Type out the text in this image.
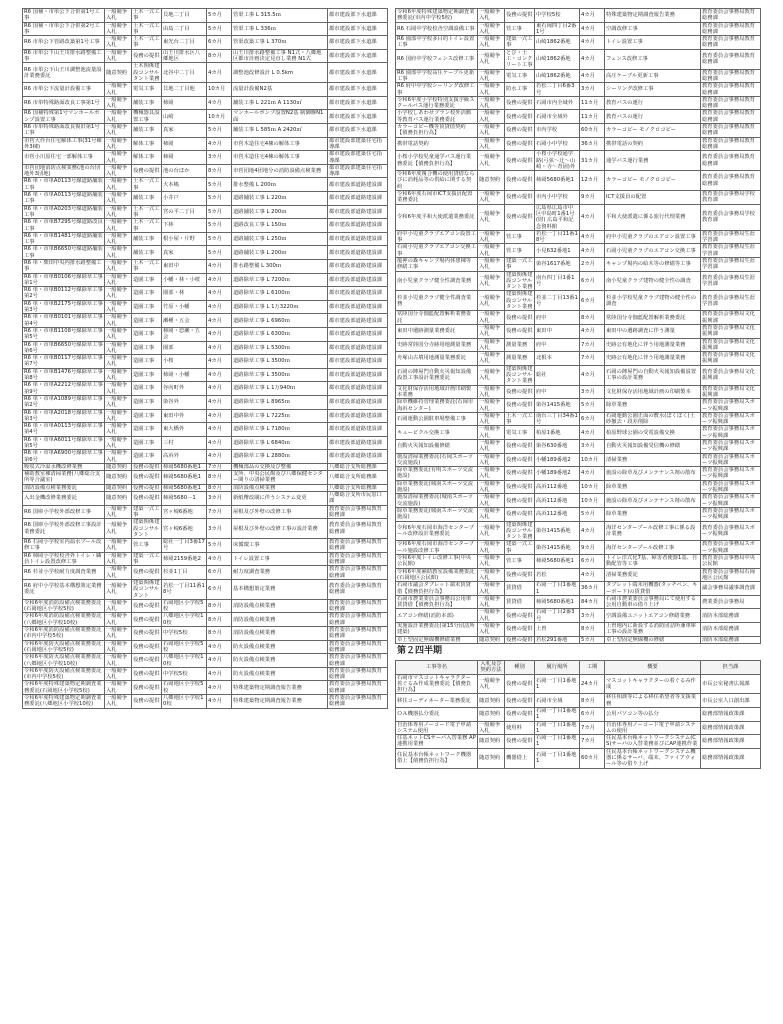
R6 国補・市単公下合併第1号工事	一般競争入札	土木一式工事	貝地二丁目	5カ月	管渠工事 L 315.5ｍ	都市建設部下水道課
R6 国補・市単公下合併第2号工事	一般競争入札	土木一式工事	由島二丁目	5カ月	管渠工事 L 336ｍ	都市建設部下水道課
R6 市単公下管路改築第1号工事	一般競争入札	土木一式工事	東光台二丁目	6カ月	管渠改築工事 L 370ｍ	都市建設部下水道課
R6 市単公下山王川排水路整備工事	一般競争入札	役務の提供	山王川排水区八郷地区	8カ月	山王川排水路整備工事 N1式・八郷地区都市計画決定見直し業務 N1式	都市建設部下水道課
R6 市単公下山王川調整池流量設計業務委託	随意契約	土木関係建設コンサルタント業務	北谷中二丁目	4カ月	調整池改修設計 L 0.5km	都市建設部下水道課
R6 市単公下流量計設備工事	一般競争入札	電気工事	貝地二丁目他	10カ月	流量計設備N2基	都市建設部下水道課
R6 市単特殊路面改良工事第1号	一般競争入札	舗装工事	柿岡	4カ月	舗装工事 L 221ｍ A 1130㎡	都市建設部下水道課
R6 国補特殊第1号マンホールポンプ設置工事	一般競争入札	機械器具設置工事	山崎	10カ月	マンホールポンプ設置N2基 制御盤N1面	都市建設部下水道課
R6 市単特殊路面改良復旧第1号工事	一般競争入札	舗装工事	真家	5カ月	舗装工事 L 585ｍ A 2420㎡	都市建設部下水道課
市営大作台住宅解体工事(31号棟外3棟)	一般競争入札	解体工事	柿岡	4カ月	市営木造住宅4棟の解体工事	都市建設部建築住宅指導課
市営小川原住宅一部解体工事	一般競争入札	解体工事	柿岡	3カ月	市営木造住宅4棟の解体工事	都市建設部建築住宅指導課
市営団地消防点検業務(池の台団地外3団地)	一般競争入札	役務の提供	池の台ほか	8カ月	市営団地4団地分の消防設備点検業務	都市建設部建築住宅指導課
R6 単・市単A0113号線道路舗装工事	一般競争入札	土木一式工事	大本嶋	5カ月	排水整備 L 200ｍ	都市建設部道路建設課
R6 単・市単A0113号線道路舗装工事	一般競争入札	舗装工事	小井戸	5カ月	道路舗装工事 L 220ｍ	都市建設部道路建設課
R6 単・市単A0203号線道路舗装工事	一般競争入札	土木一式工事	宮の平二丁目	5カ月	道路舗装工事 L 200ｍ	都市建設部道路建設課
R6 単・市単B7295号線道路改良工事	一般競争入札	土木一式工事	下林	5カ月	道路改良工事 L 150ｍ	都市建設部道路建設課
R6 単・市単B1481号線道路舗装工事	一般競争入札	舗装工事	根小屋・片野	5カ月	道路舗装工事 L 250ｍ	都市建設部道路建設課
R6 単・市単B6650号線道路舗装工事	一般競争入札	舗装工事	真家	5カ月	道路舗装工事 L 200ｍ	都市建設部道路建設課
R6 単・柴田中央内排水路整備工事	一般競争入札	土木一式工事	東田中	4カ月	排水路整備 L 300ｍ	都市建設部道路建設課
R6 単・市単B0106号線除草工事第1号	一般競争入札	造園工事	小幡・林・小桜	4カ月	道路除草工事 L 7200ｍ	都市建設部道路建設課
R6 単・市単B0112号線除草工事第2号	一般競争入札	造園工事	園部・林	4カ月	道路除草工事 L 6100ｍ	都市建設部道路建設課
R6 単・市単B2175号線除草工事第3号	一般競争入札	造園工事	竹原・小幡	4カ月	道路除草工事 L 1万3220ｍ	都市建設部道路建設課
R6 単・市単B0101号線除草工事第4号	一般競争入札	造園工事	瀬種・五会	4カ月	道路除草工事 L 6960ｍ	都市建設部道路建設課
R6 単・市単B1108号線除草工事第5号	一般競争入札	造園工事	柿岡・恋瀬・五会	4カ月	道路除草工事 L 6300ｍ	都市建設部道路建設課
R6 単・市単B6650号線除草工事第6号	一般競争入札	造園工事	園部	4カ月	道路除草工事 L 5300ｍ	都市建設部道路建設課
R6 単・市単B0117号線除草工事第7号	一般競争入札	造園工事	小桜	4カ月	道路除草工事 L 3500ｍ	都市建設部道路建設課
R6 単・市単B1476号線除草工事第8号	一般競争入札	造園工事	柿岡・小幡	4カ月	道路除草工事 L 3500ｍ	都市建設部道路建設課
R6 単・市単A2212号線除草工事第9号	一般競争入札	造園工事	谷向町外	4カ月	道路除草工事 L 1万940ｍ	都市建設部道路建設課
R6 単・市単A1089号線除草工事第2号	一般競争入札	造園工事	染谷外	4カ月	道路除草工事 L 8965ｍ	都市建設部道路建設課
R6 単・市単A2018号線除草工事第3号	一般競争入札	造園工事	東田中外	4カ月	道路除草工事 L 7225ｍ	都市建設部道路建設課
R6 単・市単A0113号線除草工事第4号	一般競争入札	造園工事	東大橋外	4カ月	道路除草工事 L 7180ｍ	都市建設部道路建設課
R6 単・市単A6011号線除草工事第5号	一般競争入札	造園工事	三村	4カ月	道路除草工事 L 6840ｍ	都市建設部道路建設課
R6 単・市単A6900号線除草工事第6号	一般競争入札	造園工事	高浜外	4カ月	道路除草工事 L 2880ｍ	都市建設部道路建設課
吸収式冷温水機改修業務	随意契約	役務の提供	柿岡5680番地1	7カ月	機械部品の交換及び整備	八郷総合支所総務課
補助教室棟清掃業務(八郷総合支所等合議室)	随意契約	役務の提供	柿岡5680番地1	8カ月	支所、中央公民館及び八郷保健センター間りの清掃業務	八郷総合支所総務課
消防設備点検業務委託	随意契約	役務の提供	柿岡5680番地1	8カ月	消防設備点検業務	八郷総合支所総務課
入出金機改修業務委託	随意契約	役務の提供	柿岡5680－1	3カ月	新紙幣改刷に伴うシステム変更	八郷総合支所市民窓口課
R6 国庫小学校外部改修工事	一般競争入札	建築一式工事	宮ヶ崎6番地	7カ月	屋根及び外壁の改修工事	教育委員会事務局教育総務課
R6 国庫小学校外部改修工事設計業務委託	一般競争入札	建築関係建設コンサルタント	宮ヶ崎6番地	3カ月	屋根及び外壁の改修工事の設計業務	教育委員会事務局教育総務課
R6 石岡小学校室内温水プール改修工事	一般競争入札	管工事	総社一丁目3番17号	5カ月	床循環工事	教育委員会事務局教育総務課
R6 柿岡小学校校舎外トイレ・職員トイレ設置改修工事	一般競争入札	建築一式工事	柿岡2159番地2	4カ月	トイレ設置工事	教育委員会事務局教育総務課
R6 杉並小学校耐力度調査業務	一般競争入札	役務の提供	杉並1丁目	6カ月	耐力度調査業務	教育委員会事務局教育総務課
R6 府中小学校基本構想策定業務委託	一般競争入札	建築関係建設コンサルタント	若松一丁目11番18号	6カ月	基本構想策定業務	教育委員会事務局教育総務課
令和6年度消防設備点検業務委託(石岡地区小学校5校)	一般競争入札	役務の提供	石岡地区小学校5校	8カ月	消防設備点検業務	教育委員会事務局教育総務課
令和6年度消防設備点検業務委託(八郷地区小学校10校)	一般競争入札	役務の提供	八郷地区小学校10校	8カ月	消防設備点検業務	教育委員会事務局教育総務課
令和6年度消防設備点検業務委託(市内中学校5校)	一般競争入札	役務の提供	中学校5校	8カ月	消防設備点検業務	教育委員会事務局教育総務課
令和6年度防火設備点検業務委託(石岡地区小学校5校)	一般競争入札	役務の提供	石岡地区小学校5校	4カ月	防火設備点検業務	教育委員会事務局教育総務課
令和6年度防火設備点検業務委託(八郷地区小学校10校)	一般競争入札	役務の提供	八郷地区小学校10校	4カ月	防火設備点検業務	教育委員会事務局教育総務課
令和6年度防火設備点検業務委託(市内中学校5校)	一般競争入札	役務の提供	中学校5校	4カ月	防火設備点検業務	教育委員会事務局教育総務課
令和6年度特殊建築物定期調査業務委託(石岡地区小学校5校)	一般競争入札	役務の提供	石岡地区小学校5校	4カ月	特殊建築物定期調査報告業務	教育委員会事務局教育総務課
令和6年度特殊建築物定期調査業務委託(八郷地区小学校10校)	一般競争入札	役務の提供	八郷地区小学校10校	4カ月	特殊建築物定期調査報告業務	教育委員会事務局教育総務課
令和6年度特殊建築物定期調査業務委託(市内中学校5校)	一般競争入札	役務の提供	中学校5校	4カ月	特殊建築物定期調査報告業務	教育委員会事務局教育総務課
R6 石岡中学校校舎空調設備工事	一般競争入札	管工事	東石岡四丁目2番1号	4カ月	空調改修工事	教育委員会事務局教育総務課
R6 園部中学校多目的トイレ設置工事	一般競争入札	建築一式工事	山崎1862番地	4カ月	トイレ設置工事	教育委員会事務局教育総務課
R6 国府中学校フェンス改修工事	一般競争入札	とび・土工・コンクリート工事	山崎1862番地	4カ月	フェンス改修工事	教育委員会事務局教育総務課
R6 園部中学校高圧ケーブル更新工事	一般競争入札	電気工事	山崎1862番地	4カ月	高圧ケーブル更新工事	教育委員会事務局教育総務課
R6 府中中学校シーリング改修工事	一般競争入札	防水工事	若松二丁目6番3号	3カ月	シーリング改修工事	教育委員会事務局教育総務課
令和6年度小学校特別支援学級スクールバス運行業務委託	一般競争入札	役務の提供	石岡市内全域外	11カ月	教育バスの運行	教育委員会事務局教育総務課
小学校しあわせプラン校外活動等教育バス運行業務委託	一般競争入札	役務の提供	石岡市全域外	11カ月	教育バスの運行	教育委員会事務局教育総務課
カラーコピー機等賃貸借契約【債務負担行為】	一般競争入札	役務の提供	市内学校	60カ月	カラーコピー モノクロコピー	教育委員会事務局教育総務課
携帯電話契約	一般競争入札	役務の提供	石岡小中学校	36カ月	携帯電話の契約	教育委員会事務局教育総務課
小桜小学校児童通学バス運行業務委託【債務負担行為】	一般競争入札	役務の提供	小桜小学校通学路(弓弦～辻～山崎・寺～青固)外	31カ月	通学バス運行業務	教育委員会事務局教育総務課
令和6年度複合機の使用貸借ならびに消耗品等の供給に関する契約	随意契約	役務の提供	柿岡5680番地1	12カ月	カラーコピー モノクロコピー	教育委員会事務局教育総務課
令和6年度石岡市ICT支援員配置業務委託	一般競争入札	役務の提供	市内小中学校	9カ月	ICT支援員の配置	教育委員会事務局学校教育課
令和6年度平和大使派遣業務委託	一般競争入札	役務の提供	広島県広島市中区中島町1番1号 (財) 広島平和記念資料館	4カ月	平和大使派遣に係る旅行代理業務	教育委員会事務局学校教育課
府中小児童クラブエアコン設置工事	一般競争入札	管工事	若松一丁目11番18号	4カ月	府中小児童クラブのエアコン設置工事	教育委員会事務局生涯学習課
石岡小児童クラブエアコン交換工事	一般競争入札	管工事	小見632番地1	4カ月	石岡小児童クラブのエアコン交換工事	教育委員会事務局生涯学習課
龍神の森キャンプ場内休憩棟等修繕工事	一般競争入札	建築一式工事	染谷1617番地	2カ月	キャンプ場内の給木等の修繕等工事	教育委員会事務局生涯学習課
南小児童クラブ健全性調査業務	一般競争入札	建築関係建設コンサルタント業務	南台四丁目1番1号	6カ月	南小児童クラブ建物の健全性の調査	教育委員会事務局生涯学習課
杉並小児童クラブ健全性調査業務	一般競争入札	建築関係建設コンサルタント業務	杉並二丁目13番1号	6カ月	杉並小学校児童クラブ建物の健全性の調査	教育委員会事務局生涯学習課
常陸国分寺伽藍配置解析業務委託	一般競争入札	役務の提供	府中	8カ月	常陸国分寺伽藍配置解析業務委託	教育委員会事務局文化振興課
東田中遺跡測量業務委託	一般競争入札	役務の提供	東田中	4カ月	東田中の遺跡調査に伴う測量	教育委員会事務局文化振興課
史跡常陸国分寺跡用地測量業務	一般競争入札	測量業務	府中	7カ月	史跡公有地化に伴う用地測量業務	教育委員会事務局文化振興課
舟塚山古墳用地測量業務委託	一般競争入札	測量業務	北根本	7カ月	史跡公有地化に伴う用地測量業務	教育委員会事務局文化振興課
石岡の陣屋門自動火災報知設備設置工事設計業務委託	一般競争入札	建築関係建設コンサルタント業務	総社	4カ月	石岡の陣屋門の自動火災報知設備設置工事の設計業務	教育委員会事務局文化振興課
文化財保存活用地域計画印刷製本業務	一般競争入札	役務の提供	府中	3カ月	文化財保存活用地域計画の印刷製本	教育委員会事務局文化振興課
除草機維持管理業務委託(石岡市海浜センター)	一般競争入札	役務の提供	染谷1415番地	5カ月	除草業務	教育委員会事務局スポーツ振興課
石岡運動公園駐車場整備工事	一般競争入札	土木一式工事	南台三丁目34番1号	6カ月	石岡運動公園正面の敷水(ぼくぼく)土砂撤去・段差削除	教育委員会事務局スポーツ振興課
キューピクル交換工事	一般競争入札	電気工事	柏原1番地	4カ月	柏原野球公園の受電設備交換	教育委員会事務局スポーツ振興課
自動火災報知設備修繕	一般競争入札	役務の提供	染谷630番地	3カ月	自動火災報知設備受信機の修繕	教育委員会事務局スポーツ振興課
施設清掃業務委託(石岡スポーツ交流施設)	一般競争入札	役務の提供	小幡189番地2	10カ月	清掃業務	教育委員会事務局スポーツ振興課
除草業務委託(有明スポーツ交流施設)	一般競争入札	役務の提供	小幡189番地2	4カ月	施設の除草及びメンテナンス剤の散布	教育委員会事務局スポーツ振興課
除草業務委託(城南スポーツ交流施設)	一般競争入札	役務の提供	高浜112番地	10カ月	除草業務	教育委員会事務局スポーツ振興課
施設清掃業務委託(城南スポーツ交流施設)	一般競争入札	役務の提供	高浜112番地	10カ月	施設の除草及びメンテナンス剤の散布	教育委員会事務局スポーツ振興課
除草業務委託(城南スポーツ交流施設)	一般競争入札	役務の提供	高浜112番地	5カ月	除草業務	教育委員会事務局スポーツ振興課
令和6年度石岡市海洋センタープール改修設計業務委託	一般競争入札	建築関係建設コンサルタント業務	染谷1415番地	4カ月	海洋センタープール改修工事に係る設計業務	教育委員会事務局スポーツ振興課
令和6年度石岡市海洋センタープール施設改修工事	一般競争入札	建築一式工事	染谷1415番地	9カ月	海洋センタープール改修工事	教育委員会事務局スポーツ振興課
令和6年度トイレ改修工事(中央公民館)	一般競争入札	管工事	柿岡5680番地1	6カ月	トイレ洋式化7基、障害者便器1基、自動配管等工事	教育委員会事務局中央公民館
令和6年度補助教室設備業務委託(石岡地区公民館)	一般競争入札	役務の提供	若松	4カ月	清掃業務委託	教育委員会事務局石岡地区公民館
石岡市議会タブレット端末賃貸借【債務負担行為】	一般競争入札	賃貸借	石岡一丁目1番地1	36カ月	タブレット端末用機器(タッチペン、キーボード)の賃貸借	議会事務局議事調査課
石岡市農業委員会事務局公用車賃貸借【債務負担行為】	一般競争入札	賃貸借	柿岡5680番地1	84カ月	石岡市農業委員会事務局にて使用する公用自動車の借り上げ	農業委員会事務局
エアコン修繕(消防本部)	一般競争入札	役務の提供	石岡一丁目2番3号	3カ月	空調設備ユニットエアコン修繕業務	消防本部総務課
実施設計業務委託(第15分団詰所建築)	一般競争入札	役務の提供	上曽	8カ月	上曽地内に新設する消防団詰所兼車庫工事の設計業務	消防本部総務課
卓上型固定無線機修繕業務	随意契約	役務の提供	若松291番地	5カ月	卓上型固定無線機の修繕	消防本部総務課
第２四半期
工事等名	入札及び契約方法	種別	履行場所	工期	概要	担当課
石岡市マスコットキャラクター着ぐるみ作成業務委託【債務負担行為】	一般競争入札	役務の提供	石岡一丁目1番地1	24カ月	マスコットキャラクターの着ぐるみ作成	市長公室秘書広報課
移住コーディネーター業務委託	随意契約	役務の提供	石岡市全域	8カ月	移住相談等による移住希望者等支援業務	市長公室人口創出課
ＯＡ機器払分委託	随意契約	役務の提供	石岡一丁目1番地1	6カ月	公用パソコン等の払分	総務部情報政策課
自治体専用ノーコード電子申請システム使用	一般競争入札	使用料	石岡一丁目1番地1	7カ月	自治体専用ノーコード電子申請システムの使用	総務部情報政策課
住基ネットCSサーバ入替業務 AP連携用業務	随意契約	役務の提供	石岡一丁目1番地1	7カ月	住民基本台帳ネットワークシステム(CS)サーバの入替業務並びにAP連携作業	総務部情報政策課
住民基本台帳ネットワーク機器借上【債務負担行為】	随意契約	機器借上	石岡一丁目1番地1	60カ月	住民基本台帳ネットワークシステム機器に係るサーバ、端末、ファイアウォール等の借り上げ	総務部情報政策課
